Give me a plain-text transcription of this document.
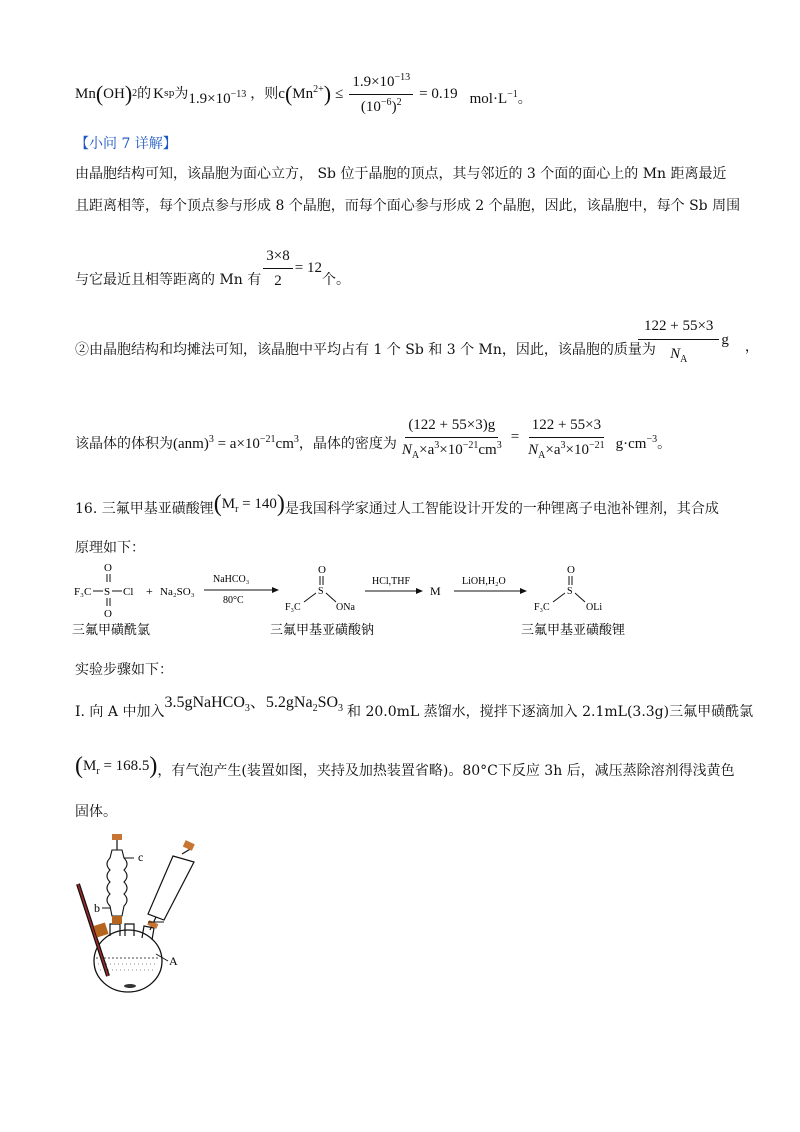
Mn ( OH ) 2 的 K sp 为 $1.9\times 10^{-13}$ ，则 c ( $Mn^{2+}$ ) ≤ $\frac{1.9\times 10^{-13}}{(10^{-6})^2} = 0.19$ $mol\cdot L^{-1}$ 。
【小问 7 详解】
由晶胞结构可知，该晶胞为面心立方， Sb 位于晶胞的顶点，其与邻近的 3 个面的面心上的 Mn 距离最近
且距离相等，每个顶点参与形成 8 个晶胞，而每个面心参与形成 2 个晶胞，因此，该晶胞中，每个 Sb 周围
与它最近且相等距离的 Mn 有 $\frac{3\times 8}{2} = 12$
个。
②由晶胞结构和均摊法可知，该晶胞中平均占有 1 个 Sb 和 3 个 Mn，因此，该晶胞的质量为
$\frac{122 + 55\times 3}{N_A}$ g ，
该晶体的体积为 $(anm)^3 = a\times 10^{-21}cm^3$ ，晶体的密度为 $\frac{(122 + 55\times 3)g}{N_A\times a^3\times 10^{-21}cm^3} = \frac{122 + 55\times 3}{N_A\times a^3\times 10^{-21}} g\cdot cm^{-3}$ 。
16. 三氟甲基亚磺酸锂 ( $M_r = 140$ ) 是我国科学家通过人工智能设计开发的一种锂离子电池补锂剂，其合成
原理如下：
O
F₃C S Cl
O
+ Na₂SO₃
NaHCO₃
80°C
O
S
F₃C	ONa
HCl,THF
M
LiOH,H₂O
O
S
F₃C	OLi
三氟甲磺酰氯	三氟甲基亚磺酸钠	三氟甲基亚磺酸锂
实验步骤如下：
I. 向 A 中加入
3.5gNaHCO$_3$、$5.2gNa_2SO_3$ 和 20.0mL 蒸馏水，搅拌下逐滴加入 2.1mL(3.3g)三氟甲磺酰氯
( $M_r = 168.5$ ) ，有气泡产生(装置如图，夹持及加热装置省略)。80°C下反应 3h 后，减压蒸除溶剂得浅黄色
固体。
c
b
A
